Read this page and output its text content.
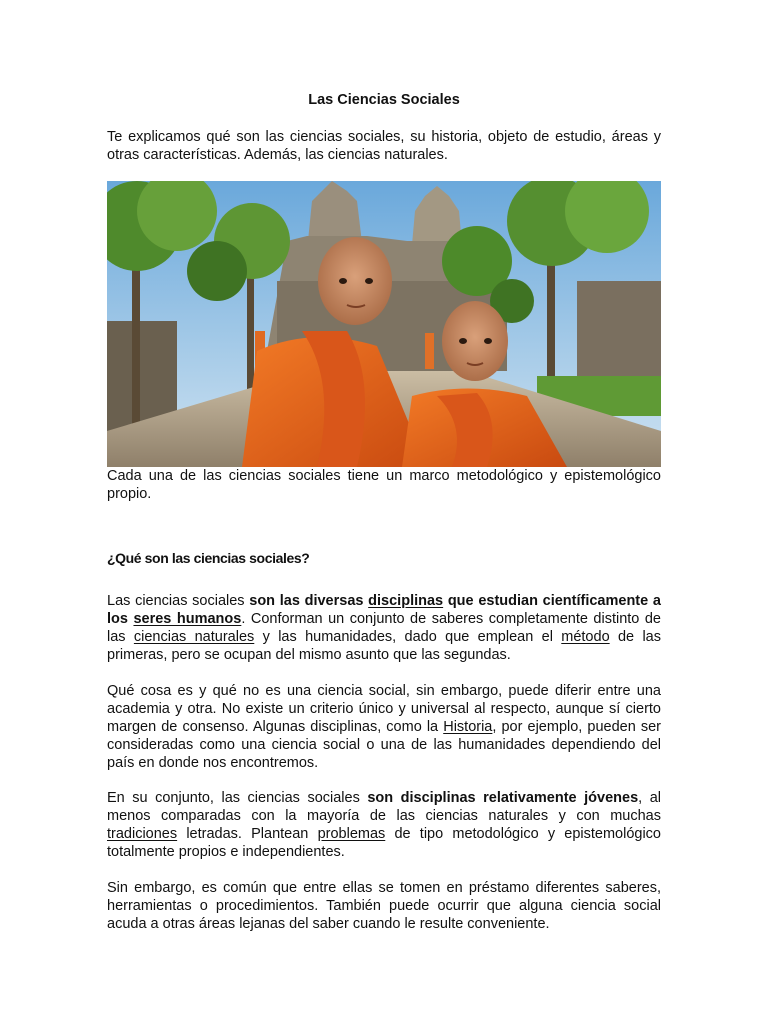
Las Ciencias Sociales

Te explicamos qué son las ciencias sociales, su historia, objeto de estudio, áreas y otras características. Además, las ciencias naturales.

Cada una de las ciencias sociales tiene un marco metodológico y epistemológico propio.

¿Qué son las ciencias sociales?

Las ciencias sociales son las diversas disciplinas que estudian científicamente a los seres humanos. Conforman un conjunto de saberes completamente distinto de las ciencias naturales y las humanidades, dado que emplean el método de las primeras, pero se ocupan del mismo asunto que las segundas.

Qué cosa es y qué no es una ciencia social, sin embargo, puede diferir entre una academia y otra. No existe un criterio único y universal al respecto, aunque sí cierto margen de consenso. Algunas disciplinas, como la Historia, por ejemplo, pueden ser consideradas como una ciencia social o una de las humanidades dependiendo del país en donde nos encontremos.

En su conjunto, las ciencias sociales son disciplinas relativamente jóvenes, al menos comparadas con la mayoría de las ciencias naturales y con muchas tradiciones letradas. Plantean problemas de tipo metodológico y epistemológico totalmente propios e independientes.

Sin embargo, es común que entre ellas se tomen en préstamo diferentes saberes, herramientas o procedimientos. También puede ocurrir que alguna ciencia social acuda a otras áreas lejanas del saber cuando le resulte conveniente.
